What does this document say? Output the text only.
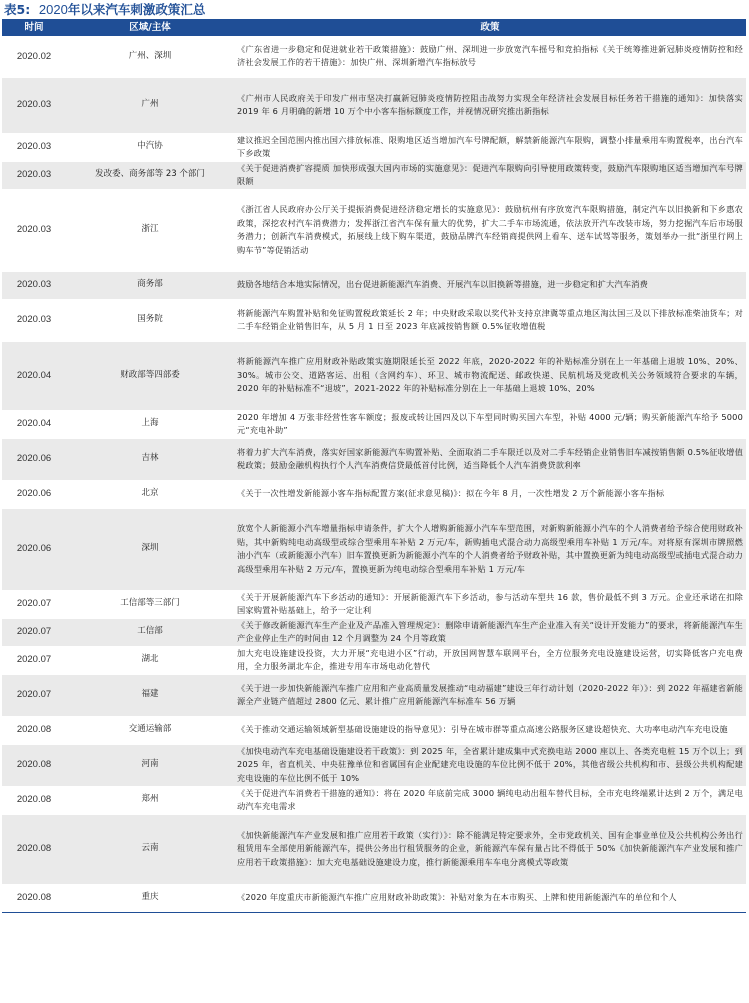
表5: 2020年以来汽车刺激政策汇总
时间	区域/主体	政策
2020.02	广州、深圳	《广东省进一步稳定和促进就业若干政策措施》：鼓励广州、深圳进一步放宽汽车摇号和竞拍指标《关于统筹推进新冠肺炎疫情防控和经济社会发展工作的若干措施》：加快广州、深圳新增汽车指标放号
2020.03	广州	《广州市人民政府关于印发广州市坚决打赢新冠肺炎疫情防控阻击战努力实现全年经济社会发展目标任务若干措施的通知》：加快落实 2019 年 6 月明确的新增 10 万个中小客车指标额度工作，并视情况研究推出新指标
2020.03	中汽协	建议推迟全国范围内推出国六排放标准、限购地区适当增加汽车号牌配额，解禁新能源汽车限购，调整小排量乘用车购置税率，出台汽车下乡政策
2020.03	发改委、商务部等 23 个部门	《关于促进消费扩容提质 加快形成强大国内市场的实施意见》：促进汽车限购向引导使用政策转变，鼓励汽车限购地区适当增加汽车号牌限额
2020.03	浙江	《浙江省人民政府办公厅关于提振消费促进经济稳定增长的实施意见》：鼓励杭州有序放宽汽车限购措施，制定汽车以旧换新和下乡惠农政策，深挖农村汽车消费潜力；发挥浙江省汽车保有量大的优势，扩大二手车市场流通，依法放开汽车改装市场，努力挖掘汽车后市场服务潜力；创新汽车消费模式，拓展线上线下购车渠道，鼓励品牌汽车经销商提供网上看车、送车试驾等服务，策划举办一批“浙里行网上购车节”等促销活动
2020.03	商务部	鼓励各地结合本地实际情况，出台促进新能源汽车消费、开展汽车以旧换新等措施，进一步稳定和扩大汽车消费
2020.03	国务院	将新能源汽车购置补贴和免征购置税政策延长 2 年；中央财政采取以奖代补支持京津冀等重点地区淘汰国三及以下排放标准柴油货车；对二手车经销企业销售旧车，从 5 月 1 日至 2023 年底减按销售额 0.5%征收增值税
2020.04	财政部等四部委	将新能源汽车推广应用财政补贴政策实施期限延长至 2022 年底，2020-2022 年的补贴标准分别在上一年基础上退坡 10%、20%、30%。城市公交、道路客运、出租（含网约车）、环卫、城市物流配送、邮政快递、民航机场及党政机关公务领域符合要求的车辆，2020 年的补贴标准不“退坡”，2021-2022 年的补贴标准分别在上一年基础上退坡 10%、20%
2020.04	上海	2020 年增加 4 万张非经营性客车额度；报废或转让国四及以下车型同时购买国六车型，补贴 4000 元/辆；购买新能源汽车给予 5000 元“充电补助”
2020.06	吉林	将着力扩大汽车消费，落实好国家新能源汽车购置补贴、全面取消二手车限迁以及对二手车经销企业销售旧车减按销售额 0.5%征收增值税政策；鼓励金融机构执行个人汽车消费信贷最低首付比例，适当降低个人汽车消费贷款利率
2020.06	北京	《关于一次性增发新能源小客车指标配置方案(征求意见稿)》：拟在今年 8 月，一次性增发 2 万个新能源小客车指标
2020.06	深圳	放宽个人新能源小汽车增量指标申请条件，扩大个人增购新能源小汽车车型范围，对新购新能源小汽车的个人消费者给予综合使用财政补贴，其中新购纯电动高级型或综合型乘用车补贴 2 万元/车，新购插电式混合动力高级型乘用车补贴 1 万元/车。对将原有深圳市牌照燃油小汽车（或新能源小汽车）旧车置换更新为新能源小汽车的个人消费者给予财政补贴，其中置换更新为纯电动高级型或插电式混合动力高级型乘用车补贴 2 万元/车，置换更新为纯电动综合型乘用车补贴 1 万元/车
2020.07	工信部等三部门	《关于开展新能源汽车下乡活动的通知》：开展新能源汽车下乡活动，参与活动车型共 16 款，售价最低不到 3 万元。企业还承诺在扣除国家购置补贴基础上，给予一定让利
2020.07	工信部	《关于修改新能源汽车生产企业及产品准入管理规定》：删除申请新能源汽车生产企业准入有关“设计开发能力”的要求，将新能源汽车生产企业停止生产的时间由 12 个月调整为 24 个月等政策
2020.07	湖北	加大充电设施建设投资，大力开展“充电进小区”行动，开放国网智慧车联网平台，全方位服务充电设施建设运营，切实降低客户充电费用，全力服务湖北车企，推进专用车市场电动化替代
2020.07	福建	《关于进一步加快新能源汽车推广应用和产业高质量发展推动“电动福建”建设三年行动计划（2020-2022 年）》：到 2022 年福建省新能源全产业链产值超过 2800 亿元、累计推广应用新能源汽车标准车 56 万辆
2020.08	交通运输部	《关于推动交通运输领域新型基础设施建设的指导意见》：引导在城市群等重点高速公路服务区建设超快充、大功率电动汽车充电设施
2020.08	河南	《加快电动汽车充电基础设施建设若干政策》：到 2025 年，全省累计建成集中式充换电站 2000 座以上、各类充电桩 15 万个以上；到 2025 年，省直机关、中央驻豫单位和省属国有企业配建充电设施的车位比例不低于 20%，其他省级公共机构和市、县级公共机构配建充电设施的车位比例不低于 10%
2020.08	郑州	《关于促进汽车消费若干措施的通知》：将在 2020 年底前完成 3000 辆纯电动出租车替代目标，全市充电终端累计达到 2 万个，满足电动汽车充电需求
2020.08	云南	《加快新能源汽车产业发展和推广应用若干政策（实行）》：除不能满足特定要求外，全市党政机关、国有企事业单位及公共机构公务出行租赁用车全部使用新能源汽车，提供公务出行租赁服务的企业，新能源汽车保有量占比不得低于 50%《加快新能源汽车产业发展和推广应用若干政策措施》：加大充电基础设施建设力度，推行新能源乘用车车电分离模式等政策
2020.08	重庆	《2020 年度重庆市新能源汽车推广应用财政补助政策》：补贴对象为在本市购买、上牌和使用新能源汽车的单位和个人
